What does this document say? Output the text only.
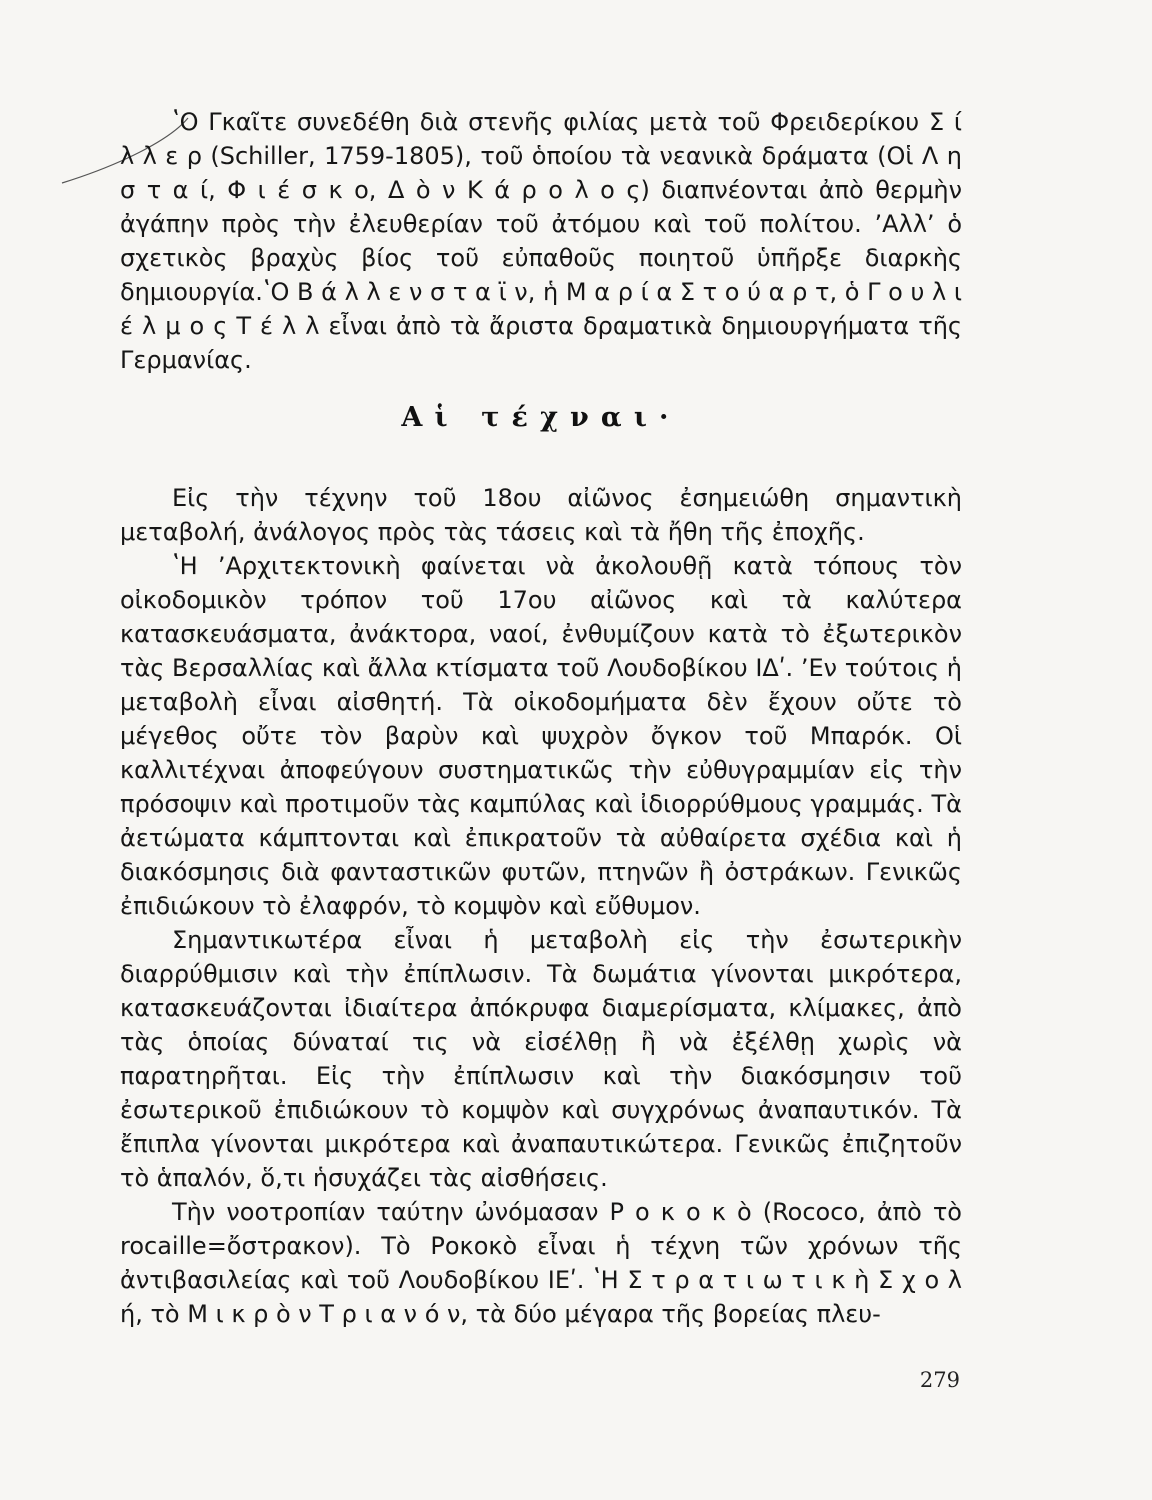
ʽΟ Γκαῖτε συνεδέθη διὰ στενῆς φιλίας μετὰ τοῦ Φρειδερίκου Σ ί λ λ ε ρ (Schiller, 1759-1805), τοῦ ὁποίου τὰ νεανικὰ δράματα (Οἱ Λ η σ τ α ί, Φ ι έ σ κ ο, Δ ὸ ν Κ ά ρ ο λ ο ς) διαπνέονται ἀπὸ θερμὴν ἀγάπην πρὸς τὴν ἐλευθερίαν τοῦ ἀτόμου καὶ τοῦ πολίτου. ʼΑλλʼ ὁ σχετικὸς βραχὺς βίος τοῦ εὐπαθοῦς ποιητοῦ ὑπῆρξε διαρκὴς δημιουργία.ʽΟ Β ά λ λ ε ν σ τ α ϊ ν, ἡ Μ α ρ ί α Σ τ ο ύ α ρ τ, ὁ Γ ο υ λ ι έ λ μ ο ς Τ έ λ λ εἶναι ἀπὸ τὰ ἄριστα δραματικὰ δημιουργήματα τῆς Γερμανίας.

Αἱ τέχναι·

Εἰς τὴν τέχνην τοῦ 18ου αἰῶνος ἐσημειώθη σημαντικὴ μεταβολή, ἀνάλογος πρὸς τὰς τάσεις καὶ τὰ ἤθη τῆς ἐποχῆς.

ʽΗ ʼΑρχιτεκτονικὴ φαίνεται νὰ ἀκολουθῇ κατὰ τόπους τὸν οἰκοδομικὸν τρόπον τοῦ 17ου αἰῶνος καὶ τὰ καλύτερα κατασκευάσματα, ἀνάκτορα, ναοί, ἐνθυμίζουν κατὰ τὸ ἐξωτερικὸν τὰς Βερσαλλίας καὶ ἄλλα κτίσματα τοῦ Λουδοβίκου ΙΔʹ. ʼΕν τούτοις ἡ μεταβολὴ εἶναι αἰσθητή. Τὰ οἰκοδομήματα δὲν ἔχουν οὔτε τὸ μέγεθος οὔτε τὸν βαρὺν καὶ ψυχρὸν ὄγκον τοῦ Μπαρόκ. Οἱ καλλιτέχναι ἀποφεύγουν συστηματικῶς τὴν εὐθυγραμμίαν εἰς τὴν πρόσοψιν καὶ προτιμοῦν τὰς καμπύλας καὶ ἰδιορρύθμους γραμμάς. Τὰ ἀετώματα κάμπτονται καὶ ἐπικρατοῦν τὰ αὐθαίρετα σχέδια καὶ ἡ διακόσμησις διὰ φανταστικῶν φυτῶν, πτηνῶν ἢ ὀστράκων. Γενικῶς ἐπιδιώκουν τὸ ἐλαφρόν, τὸ κομψὸν καὶ εὔθυμον.

Σημαντικωτέρα εἶναι ἡ μεταβολὴ εἰς τὴν ἐσωτερικὴν διαρρύθμισιν καὶ τὴν ἐπίπλωσιν. Τὰ δωμάτια γίνονται μικρότερα, κατασκευάζονται ἰδιαίτερα ἀπόκρυφα διαμερίσματα, κλίμακες, ἀπὸ τὰς ὁποίας δύναταί τις νὰ εἰσέλθῃ ἢ νὰ ἐξέλθῃ χωρὶς νὰ παρατηρῆται. Εἰς τὴν ἐπίπλωσιν καὶ τὴν διακόσμησιν τοῦ ἐσωτερικοῦ ἐπιδιώκουν τὸ κομψὸν καὶ συγχρόνως ἀναπαυτικόν. Τὰ ἔπιπλα γίνονται μικρότερα καὶ ἀναπαυτικώτερα. Γενικῶς ἐπιζητοῦν τὸ ἁπαλόν, ὅ,τι ἡσυχάζει τὰς αἰσθήσεις.

Τὴν νοοτροπίαν ταύτην ὠνόμασαν Ρ ο κ ο κ ὸ (Rococo, ἀπὸ τὸ rocaille=ὄστρακον). Τὸ Ροκοκὸ εἶναι ἡ τέχνη τῶν χρόνων τῆς ἀντιβασιλείας καὶ τοῦ Λουδοβίκου ΙΕʹ. ʽΗ Σ τ ρ α τ ι ω τ ι κ ὴ Σ χ ο λ ή, τὸ Μ ι κ ρ ὸ ν Τ ρ ι α ν ό ν, τὰ δύο μέγαρα τῆς βορείας πλευ-

279
